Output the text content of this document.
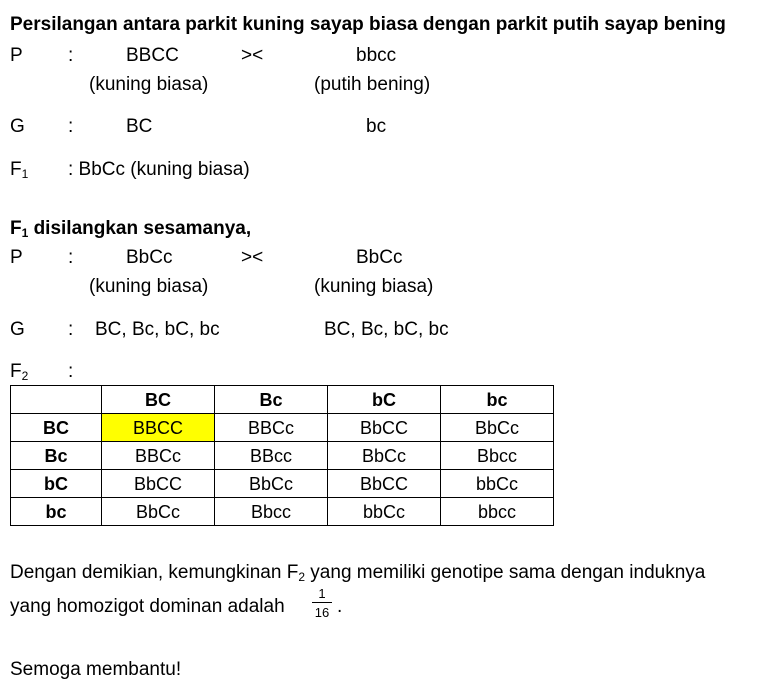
Persilangan antara parkit kuning sayap biasa dengan parkit putih sayap bening
P :	BBCC	><	bbcc
(kuning biasa)	(putih bening)
G :	BC	bc
$F_1$ : BbCc (kuning biasa)
$F_1$ disilangkan sesamanya,
P :	BbCc	><	BbCc
(kuning biasa)	(kuning biasa)
G : BC, Bc, bC, bc	BC, Bc, bC, bc
$F_2$ :
	BC	Bc	bC	bc
BC	BBCC	BBCc	BbCC	BbCc
Bc	BBCc	BBcc	BbCc	Bbcc
bC	BbCC	BbCc	BbCC	bbCc
bc	BbCc	Bbcc	bbCc	bbcc
Dengan demikian, kemungkinan $F_2$ yang memiliki genotipe sama dengan induknya
yang homozigot dominan adalah
1
16 .
Semoga membantu!
